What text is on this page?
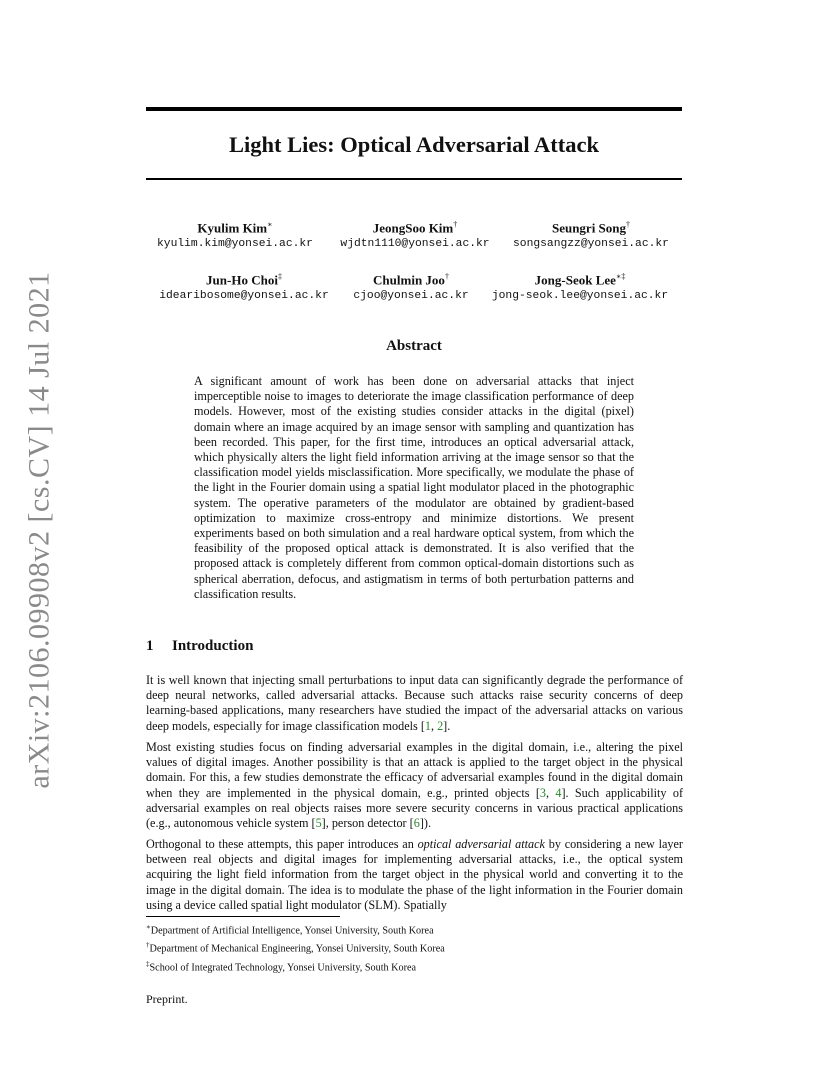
arXiv:2106.09908v2 [cs.CV] 14 Jul 2021
Light Lies: Optical Adversarial Attack
Kyulim Kim∗
kyulim.kim@yonsei.ac.kr
JeongSoo Kim†
wjdtn1110@yonsei.ac.kr
Seungri Song†
songsangzz@yonsei.ac.kr
Jun-Ho Choi‡
idearibosome@yonsei.ac.kr
Chulmin Joo†
cjoo@yonsei.ac.kr
Jong-Seok Lee∗‡
jong-seok.lee@yonsei.ac.kr
Abstract

A significant amount of work has been done on adversarial attacks that inject imperceptible noise to images to deteriorate the image classification performance of deep models. However, most of the existing studies consider attacks in the digital (pixel) domain where an image acquired by an image sensor with sampling and quantization has been recorded. This paper, for the first time, introduces an optical adversarial attack, which physically alters the light field information arriving at the image sensor so that the classification model yields misclassification. More specifically, we modulate the phase of the light in the Fourier domain using a spatial light modulator placed in the photographic system. The operative parameters of the modulator are obtained by gradient-based optimization to maximize cross-entropy and minimize distortions. We present experiments based on both simulation and a real hardware optical system, from which the feasibility of the proposed optical attack is demonstrated. It is also verified that the proposed attack is completely different from common optical-domain distortions such as spherical aberration, defocus, and astigmatism in terms of both perturbation patterns and classification results.

1 Introduction

It is well known that injecting small perturbations to input data can significantly degrade the performance of deep neural networks, called adversarial attacks. Because such attacks raise security concerns of deep learning-based applications, many researchers have studied the impact of the adversarial attacks on various deep models, especially for image classification models [1, 2].

Most existing studies focus on finding adversarial examples in the digital domain, i.e., altering the pixel values of digital images. Another possibility is that an attack is applied to the target object in the physical domain. For this, a few studies demonstrate the efficacy of adversarial examples found in the digital domain when they are implemented in the physical domain, e.g., printed objects [3, 4]. Such applicability of adversarial examples on real objects raises more severe security concerns in various practical applications (e.g., autonomous vehicle system [5], person detector [6]).

Orthogonal to these attempts, this paper introduces an optical adversarial attack by considering a new layer between real objects and digital images for implementing adversarial attacks, i.e., the optical system acquiring the light field information from the target object in the physical world and converting it to the image in the digital domain. The idea is to modulate the phase of the light information in the Fourier domain using a device called spatial light modulator (SLM). Spatially

∗Department of Artificial Intelligence, Yonsei University, South Korea
†Department of Mechanical Engineering, Yonsei University, South Korea
‡School of Integrated Technology, Yonsei University, South Korea
Preprint.
